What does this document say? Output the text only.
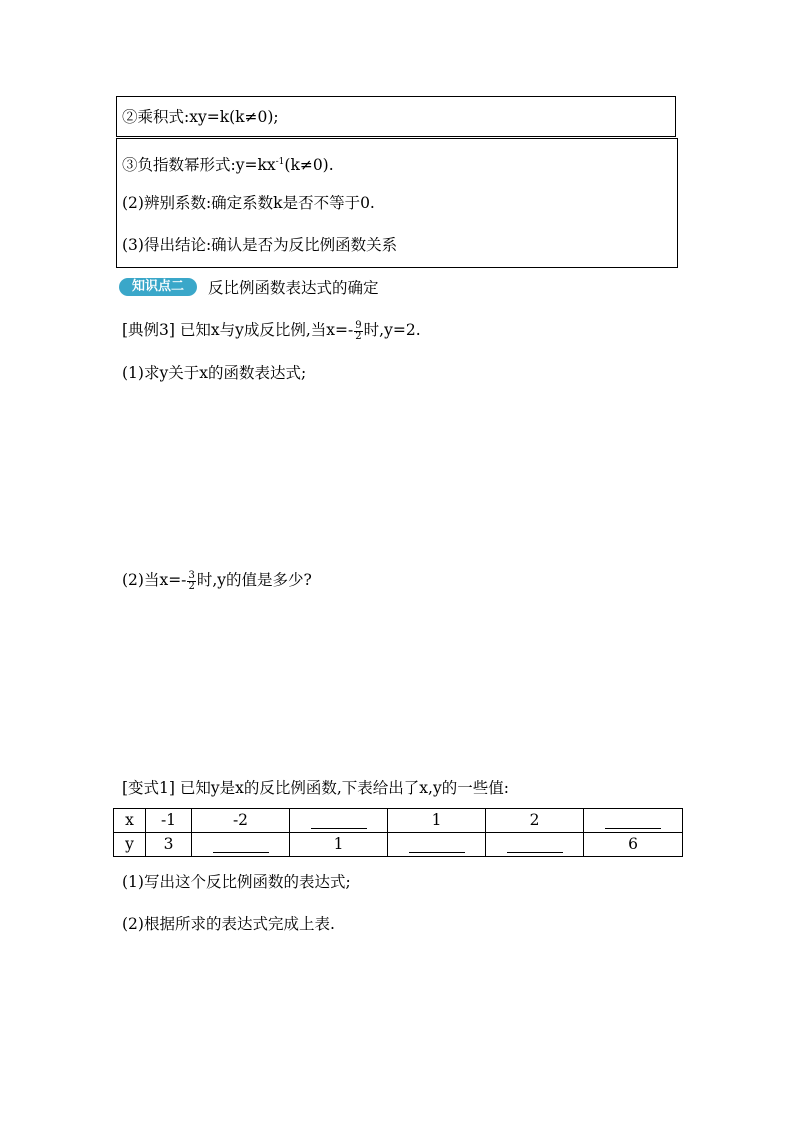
②乘积式:xy=k(k≠0);
③负指数幂形式$:y=kx^{-1}(k\ne 0)$.
(2)辨别系数:确定系数k是否不等于0.
(3)得出结论:确认是否为反比例函数关系
知识点二	反比例函数表达式的确定
[典例3] 已知x与y成反比例,当$x=- \frac{9}{2}$ 时,y=2.
(1)求y关于x的函数表达式;
(2)当$x=- \frac{3}{2}$ 时,y的值是多少?
[变式1] 已知y是x的反比例函数,下表给出了x,y的一些值:
x	-1	-2		1	2	
y	3		1			6
(1)写出这个反比例函数的表达式;
(2)根据所求的表达式完成上表.
